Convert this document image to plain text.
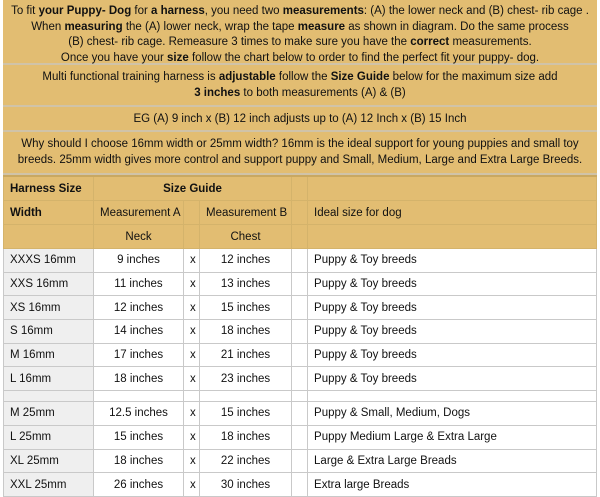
To fit your Puppy- Dog for a harness, you need two measurements: (A) the lower neck and (B) chest- rib cage .
When measuring the (A) lower neck, wrap the tape measure as shown in diagram. Do the same process
(B) chest- rib cage. Remeasure 3 times to make sure you have the correct measurements.
Once you have your size follow the chart below to order to find the perfect fit your puppy- dog.
Multi functional training harness is adjustable follow the Size Guide below for the maximum size add
3 inches to both measurements (A) & (B)
EG (A) 9 inch x (B) 12 inch adjusts up to (A) 12 Inch x (B) 15 Inch
Why should I choose 16mm width or 25mm width? 16mm is the ideal support for young puppies and small toy breeds. 25mm width gives more control and support puppy and Small, Medium, Large and Extra Large Breeds.
Harness Size	Size Guide				
Width	Measurement A		Measurement B		Ideal size for dog
	Neck		Chest		
XXXS 16mm	9 inches	x	12 inches		Puppy & Toy breeds
XXS 16mm	11 inches	x	13 inches		Puppy & Toy breeds
XS 16mm	12 inches	x	15 inches		Puppy & Toy breeds
S 16mm	14 inches	x	18 inches		Puppy & Toy breeds
M 16mm	17 inches	x	21 inches		Puppy & Toy breeds
L 16mm	18 inches	x	23 inches		Puppy & Toy breeds

M 25mm	12.5 inches	x	15 inches		Puppy & Small, Medium, Dogs
L 25mm	15 inches	x	18 inches		Puppy Medium Large & Extra Large
XL 25mm	18 inches	x	22 inches		Large & Extra Large Breads
XXL 25mm	26 inches	x	30 inches		Extra large Breads
